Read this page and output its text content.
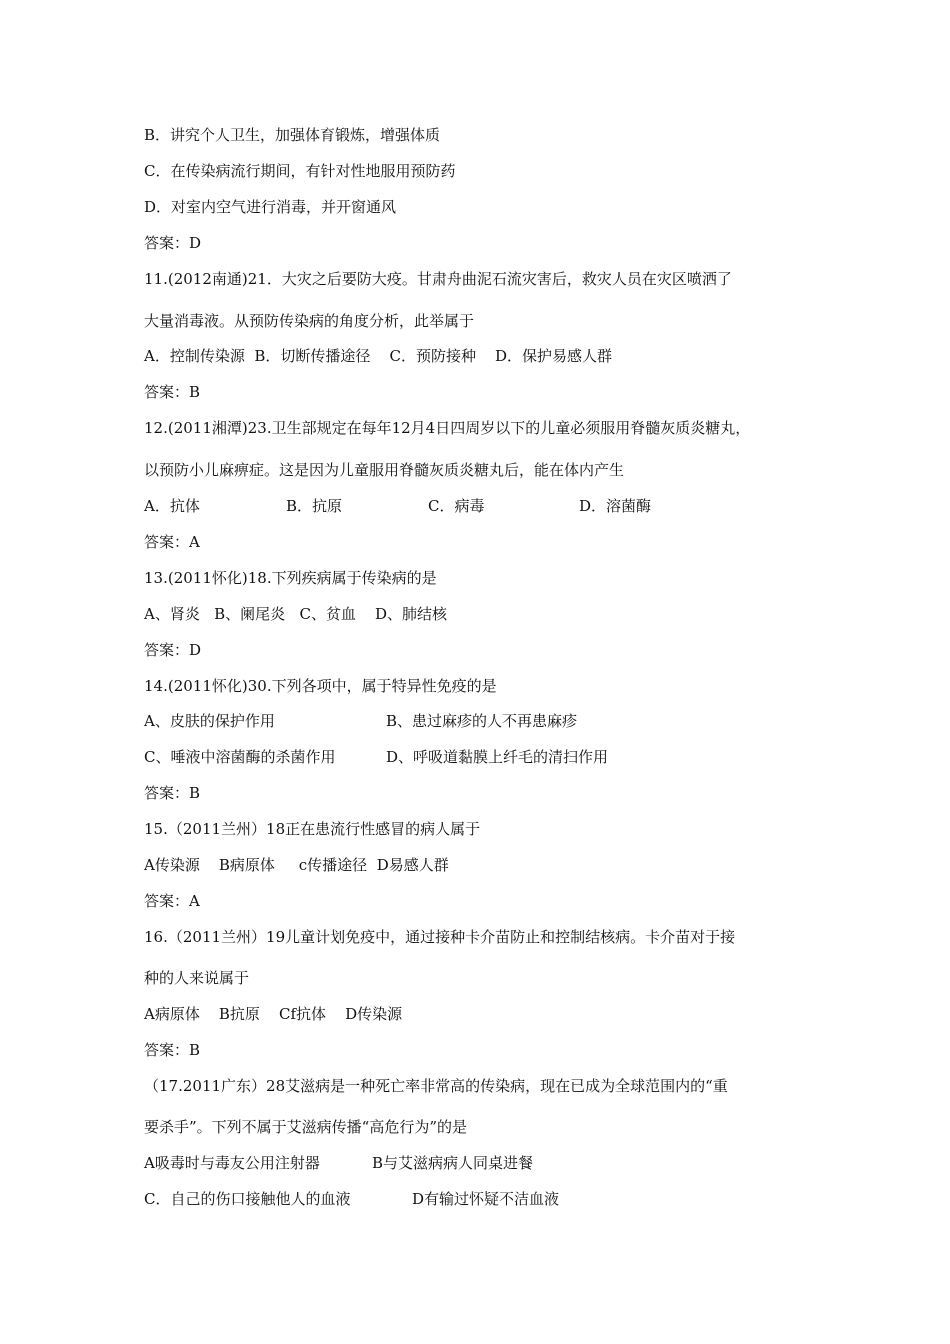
B．讲究个人卫生，加强体育锻炼，增强体质
C．在传染病流行期间，有针对性地服用预防药
D．对室内空气进行消毒，并开窗通风
答案：D
11.(2012南通)21．大灾之后要防大疫。甘肃舟曲泥石流灾害后，救灾人员在灾区喷洒了
大量消毒液。从预防传染病的角度分析，此举属于
A．控制传染源  B．切断传播途径    C．预防接种    D．保护易感人群
答案：B
12.(2011湘潭)23.卫生部规定在每年12月4日四周岁以下的儿童必须服用脊髓灰质炎糖丸，
以预防小儿麻痹症。这是因为儿童服用脊髓灰质炎糖丸后，能在体内产生
A．抗体	B．抗原	C．病毒	D．溶菌酶
答案：A
13.(2011怀化)18.下列疾病属于传染病的是
A、肾炎   B、阑尾炎   C、贫血    D、肺结核
答案：D
14.(2011怀化)30.下列各项中，属于特异性免疫的是
A、皮肤的保护作用	B、患过麻疹的人不再患麻疹
C、唾液中溶菌酶的杀菌作用	D、呼吸道黏膜上纤毛的清扫作用
答案：B
15.（2011兰州）18正在患流行性感冒的病人属于
A传染源    B病原体     c传播途径  D易感人群
答案：A
16.（2011兰州）19儿童计划免疫中，通过接种卡介苗防止和控制结核病。卡介苗对于接
种的人来说属于
A病原体    B抗原    Cf抗体    D传染源
答案：B
（17.2011广东）28艾滋病是一种死亡率非常高的传染病，现在已成为全球范围内的“重
要杀手”。下列不属于艾滋病传播“高危行为”的是
A吸毒时与毒友公用注射器	B与艾滋病病人同桌进餐
C．自己的伤口接触他人的血液	D有输过怀疑不洁血液
